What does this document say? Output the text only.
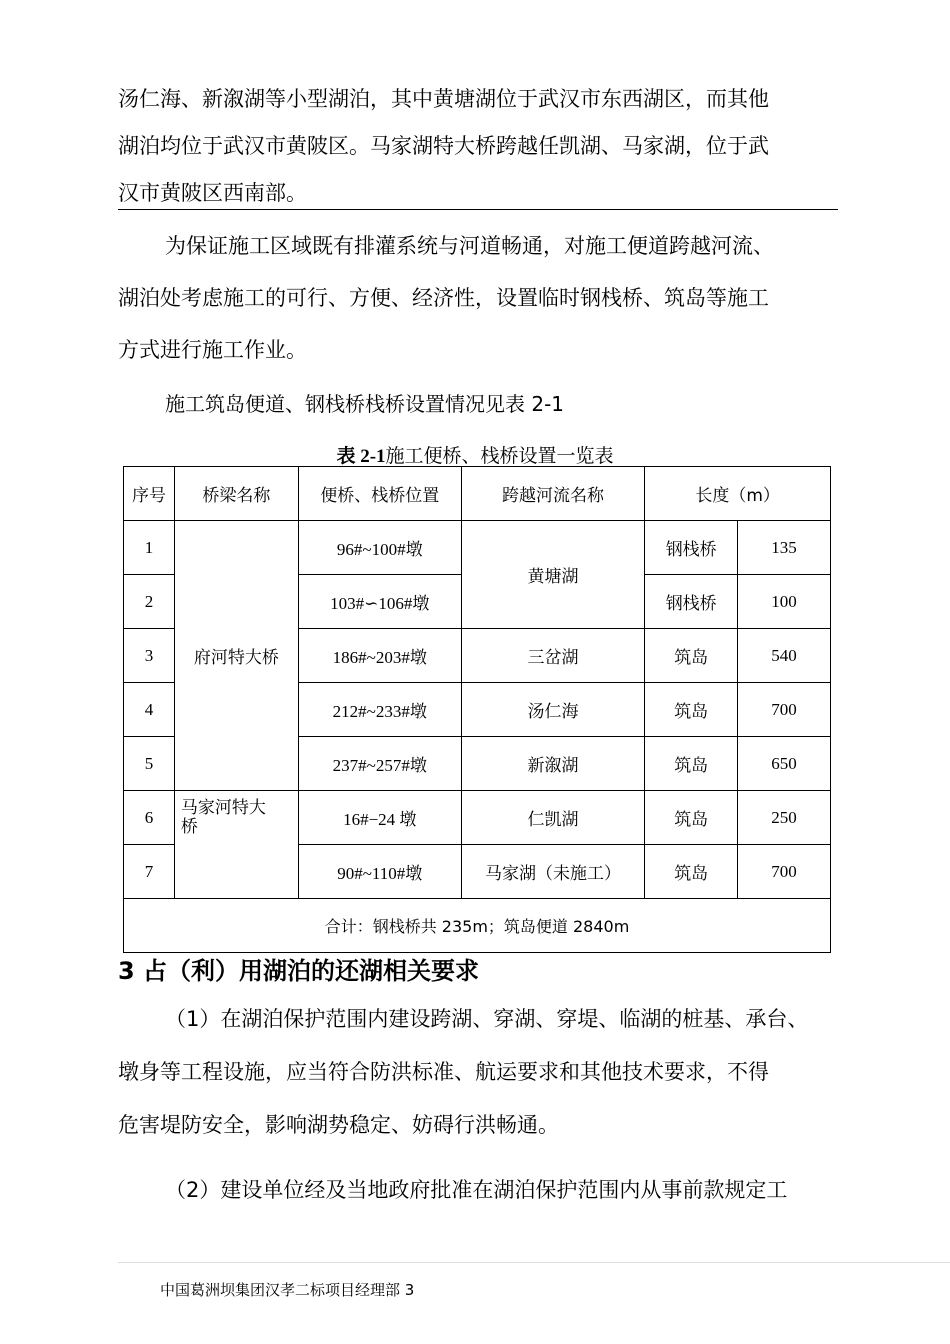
汤仁海、新溆湖等小型湖泊，其中黄塘湖位于武汉市东西湖区，而其他

湖泊均位于武汉市黄陂区。马家湖特大桥跨越任凯湖、马家湖，位于武

汉市黄陂区西南部。

为保证施工区域既有排灌系统与河道畅通，对施工便道跨越河流、

湖泊处考虑施工的可行、方便、经济性，设置临时钢栈桥、筑岛等施工

方式进行施工作业。

施工筑岛便道、钢栈桥栈桥设置情况见表 2-1

表 2-1施工便桥、栈桥设置一览表
序号	桥梁名称	便桥、栈桥位置	跨越河流名称	长度（m）	
1	府河特大桥	96#~100#墩	黄塘湖	钢栈桥	135
2		103#∽106#墩		钢栈桥	100
3		186#~203#墩	三岔湖	筑岛	540
4		212#~233#墩	汤仁海	筑岛	700
5		237#~257#墩	新溆湖	筑岛	650
6	马家河特大桥	16#−24 墩	仁凯湖	筑岛	250
7		90#~110#墩	马家湖（未施工）	筑岛	700
合计：钢栈桥共 235m；筑岛便道 2840m					
3 占（利）用湖泊的还湖相关要求

（1）在湖泊保护范围内建设跨湖、穿湖、穿堤、临湖的桩基、承台、

墩身等工程设施，应当符合防洪标准、航运要求和其他技术要求，不得

危害堤防安全，影响湖势稳定、妨碍行洪畅通。

（2）建设单位经及当地政府批准在湖泊保护范围内从事前款规定工

中国葛洲坝集团汉孝二标项目经理部 3
